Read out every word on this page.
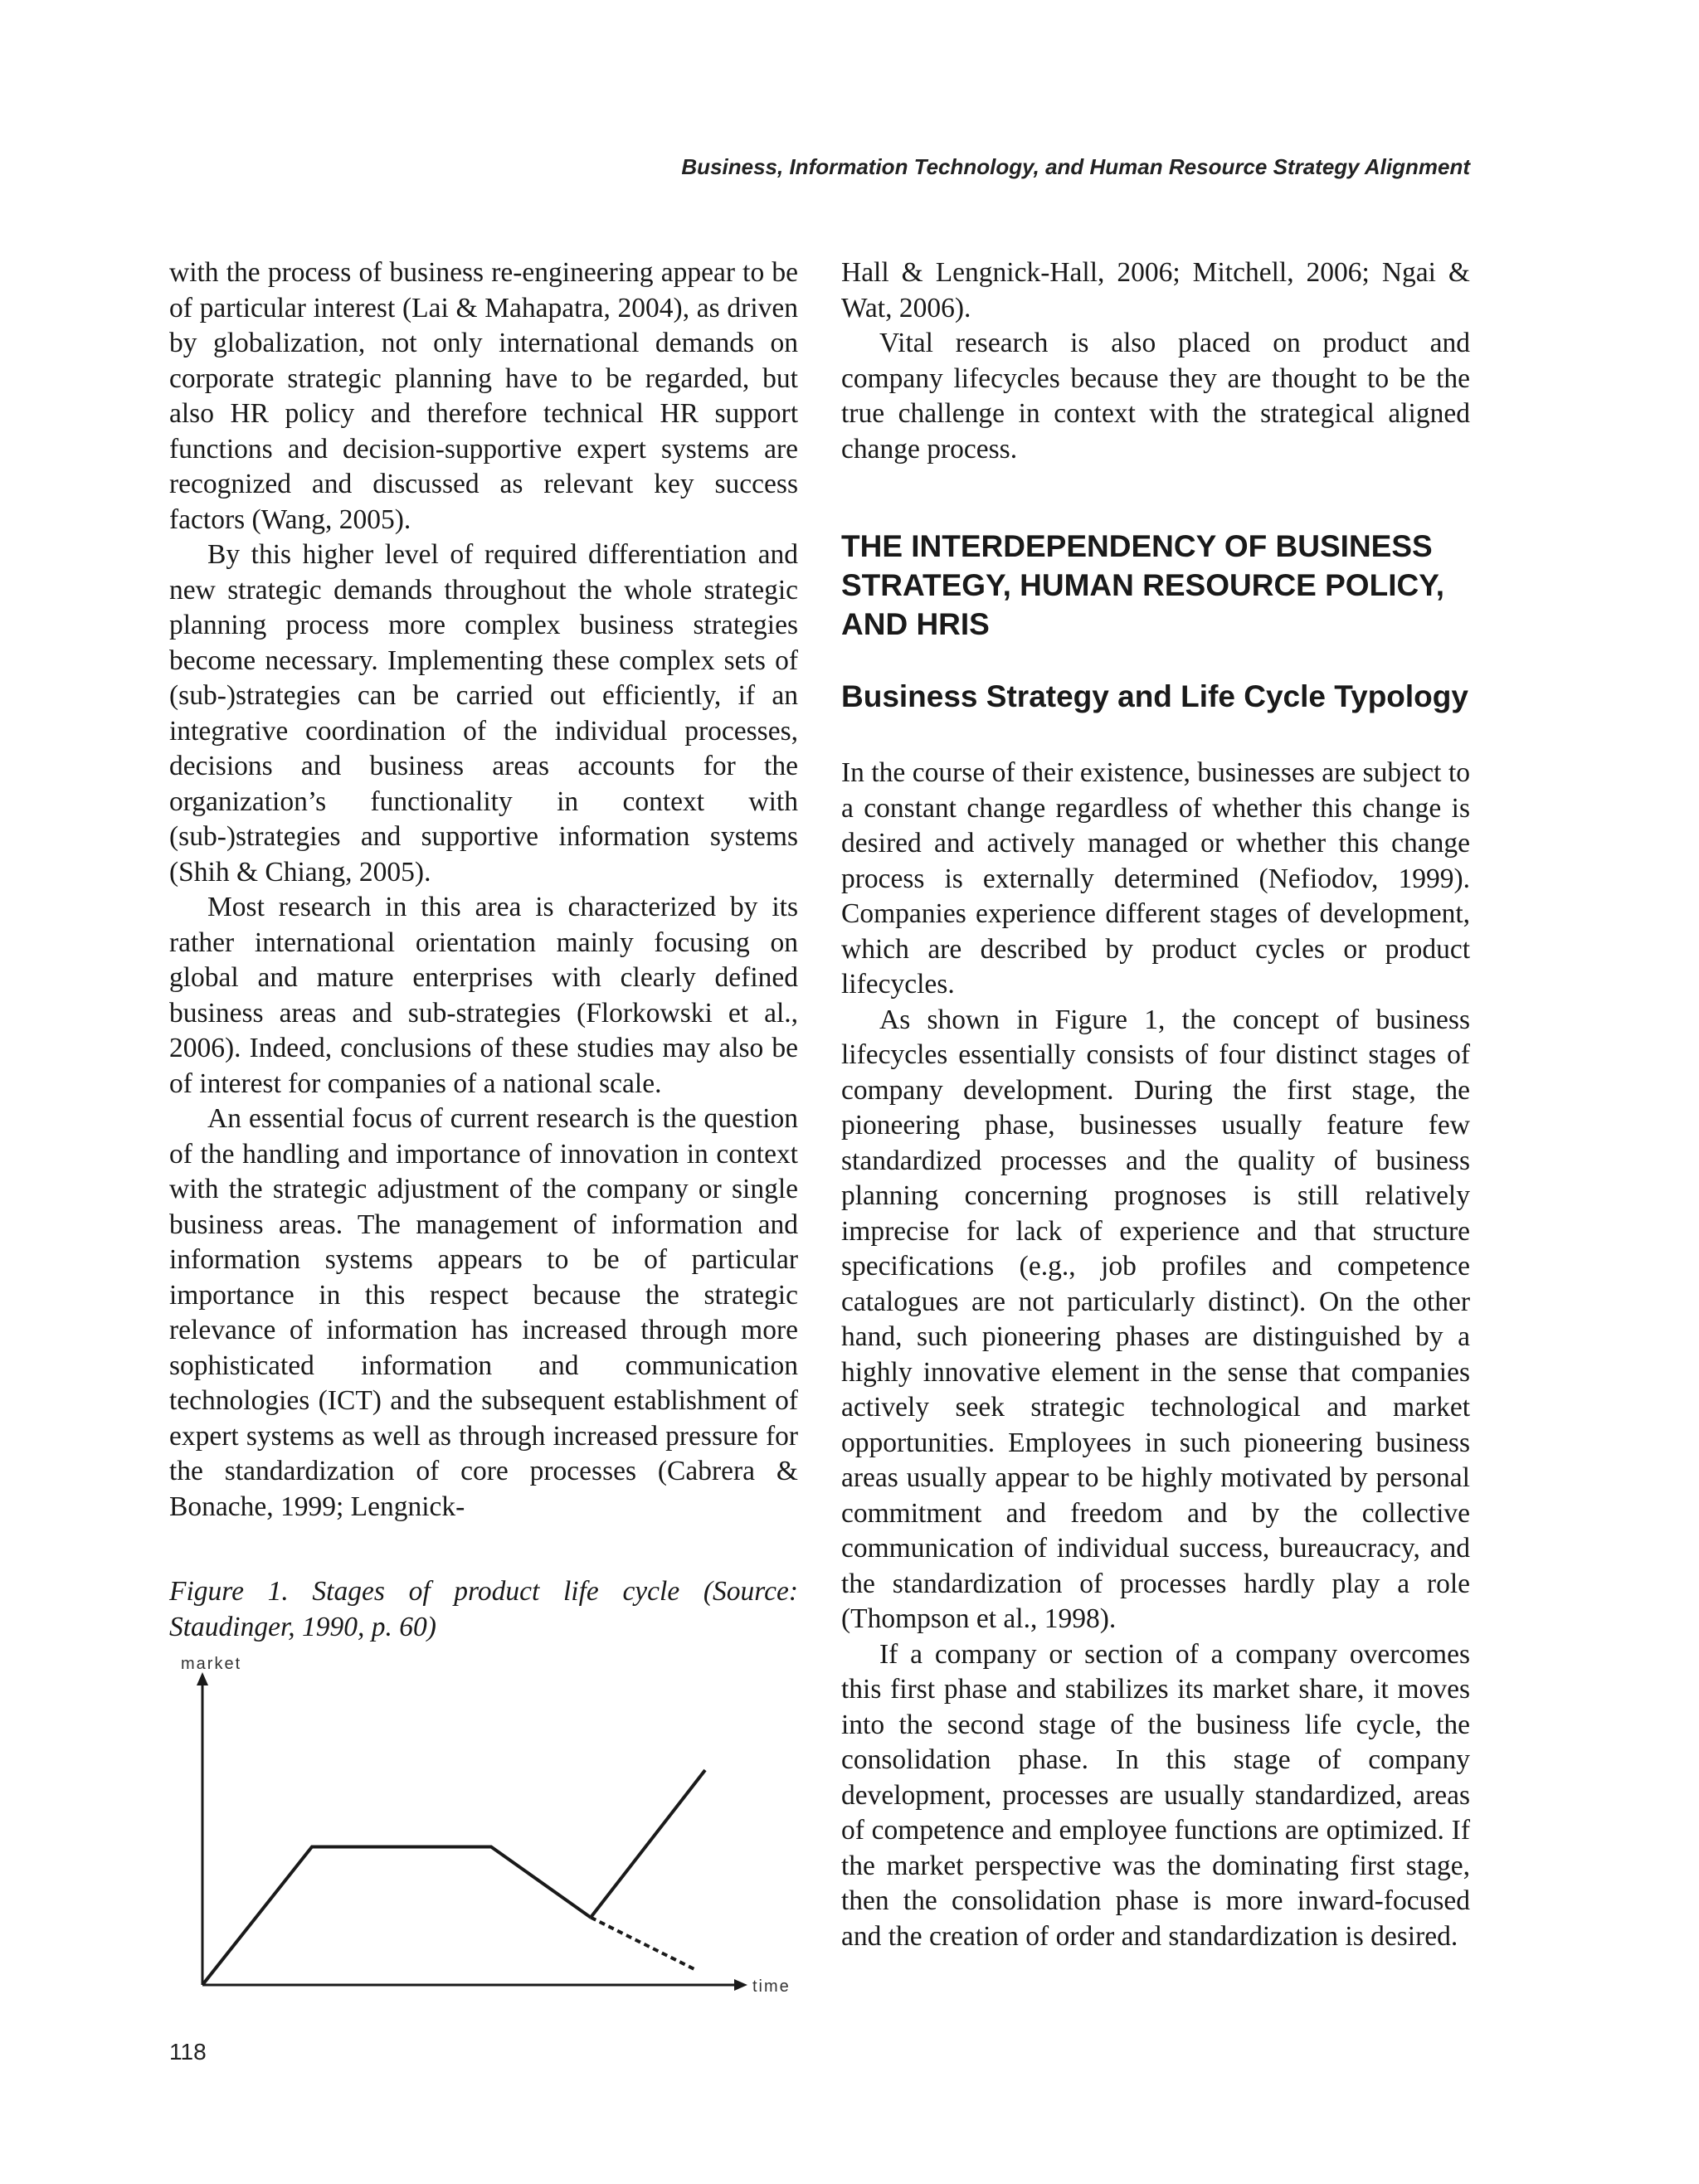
Business, Information Technology, and Human Resource Strategy Alignment

with the process of business re-engineering appear to be of particular interest (Lai & Mahapatra, 2004), as driven by globalization, not only international demands on corporate strategic planning have to be regarded, but also HR policy and therefore technical HR support functions and decision-supportive expert systems are recognized and discussed as relevant key success factors (Wang, 2005).

By this higher level of required differentiation and new strategic demands throughout the whole strategic planning process more complex business strategies become necessary. Implementing these complex sets of (sub-)strategies can be carried out efficiently, if an integrative coordination of the individual processes, decisions and business areas accounts for the organization’s functionality in context with (sub-)strategies and supportive information systems (Shih & Chiang, 2005).

Most research in this area is characterized by its rather international orientation mainly focusing on global and mature enterprises with clearly defined business areas and sub-strategies (Florkowski et al., 2006). Indeed, conclusions of these studies may also be of interest for companies of a national scale.

An essential focus of current research is the question of the handling and importance of innovation in context with the strategic adjustment of the company or single business areas. The management of information and information systems appears to be of particular importance in this respect because the strategic relevance of information has increased through more sophisticated information and communication technologies (ICT) and the subsequent establishment of expert systems as well as through increased pressure for the standardization of core processes (Cabrera & Bonache, 1999; Lengnick-

Figure 1. Stages of product life cycle (Source: Staudinger, 1990, p. 60)

market
time

Hall & Lengnick-Hall, 2006; Mitchell, 2006; Ngai & Wat, 2006).

Vital research is also placed on product and company lifecycles because they are thought to be the true challenge in context with the strategical aligned change process.

THE INTERDEPENDENCY OF BUSINESS STRATEGY, HUMAN RESOURCE POLICY, AND HRIS
Business Strategy and Life Cycle Typology

In the course of their existence, businesses are subject to a constant change regardless of whether this change is desired and actively managed or whether this change process is externally determined (Nefiodov, 1999). Companies experience different stages of development, which are described by product cycles or product lifecycles.

As shown in Figure 1, the concept of business lifecycles essentially consists of four distinct stages of company development. During the first stage, the pioneering phase, businesses usually feature few standardized processes and the quality of business planning concerning prognoses is still relatively imprecise for lack of experience and that structure specifications (e.g., job profiles and competence catalogues are not particularly distinct). On the other hand, such pioneering phases are distinguished by a highly innovative element in the sense that companies actively seek strategic technological and market opportunities. Employees in such pioneering business areas usually appear to be highly motivated by personal commitment and freedom and by the collective communication of individual success, bureaucracy, and the standardization of processes hardly play a role (Thompson et al., 1998).

If a company or section of a company overcomes this first phase and stabilizes its market share, it moves into the second stage of the business life cycle, the consolidation phase. In this stage of company development, processes are usually standardized, areas of competence and employee functions are optimized. If the market perspective was the dominating first stage, then the consolidation phase is more inward-focused and the creation of order and standardization is desired.

118
